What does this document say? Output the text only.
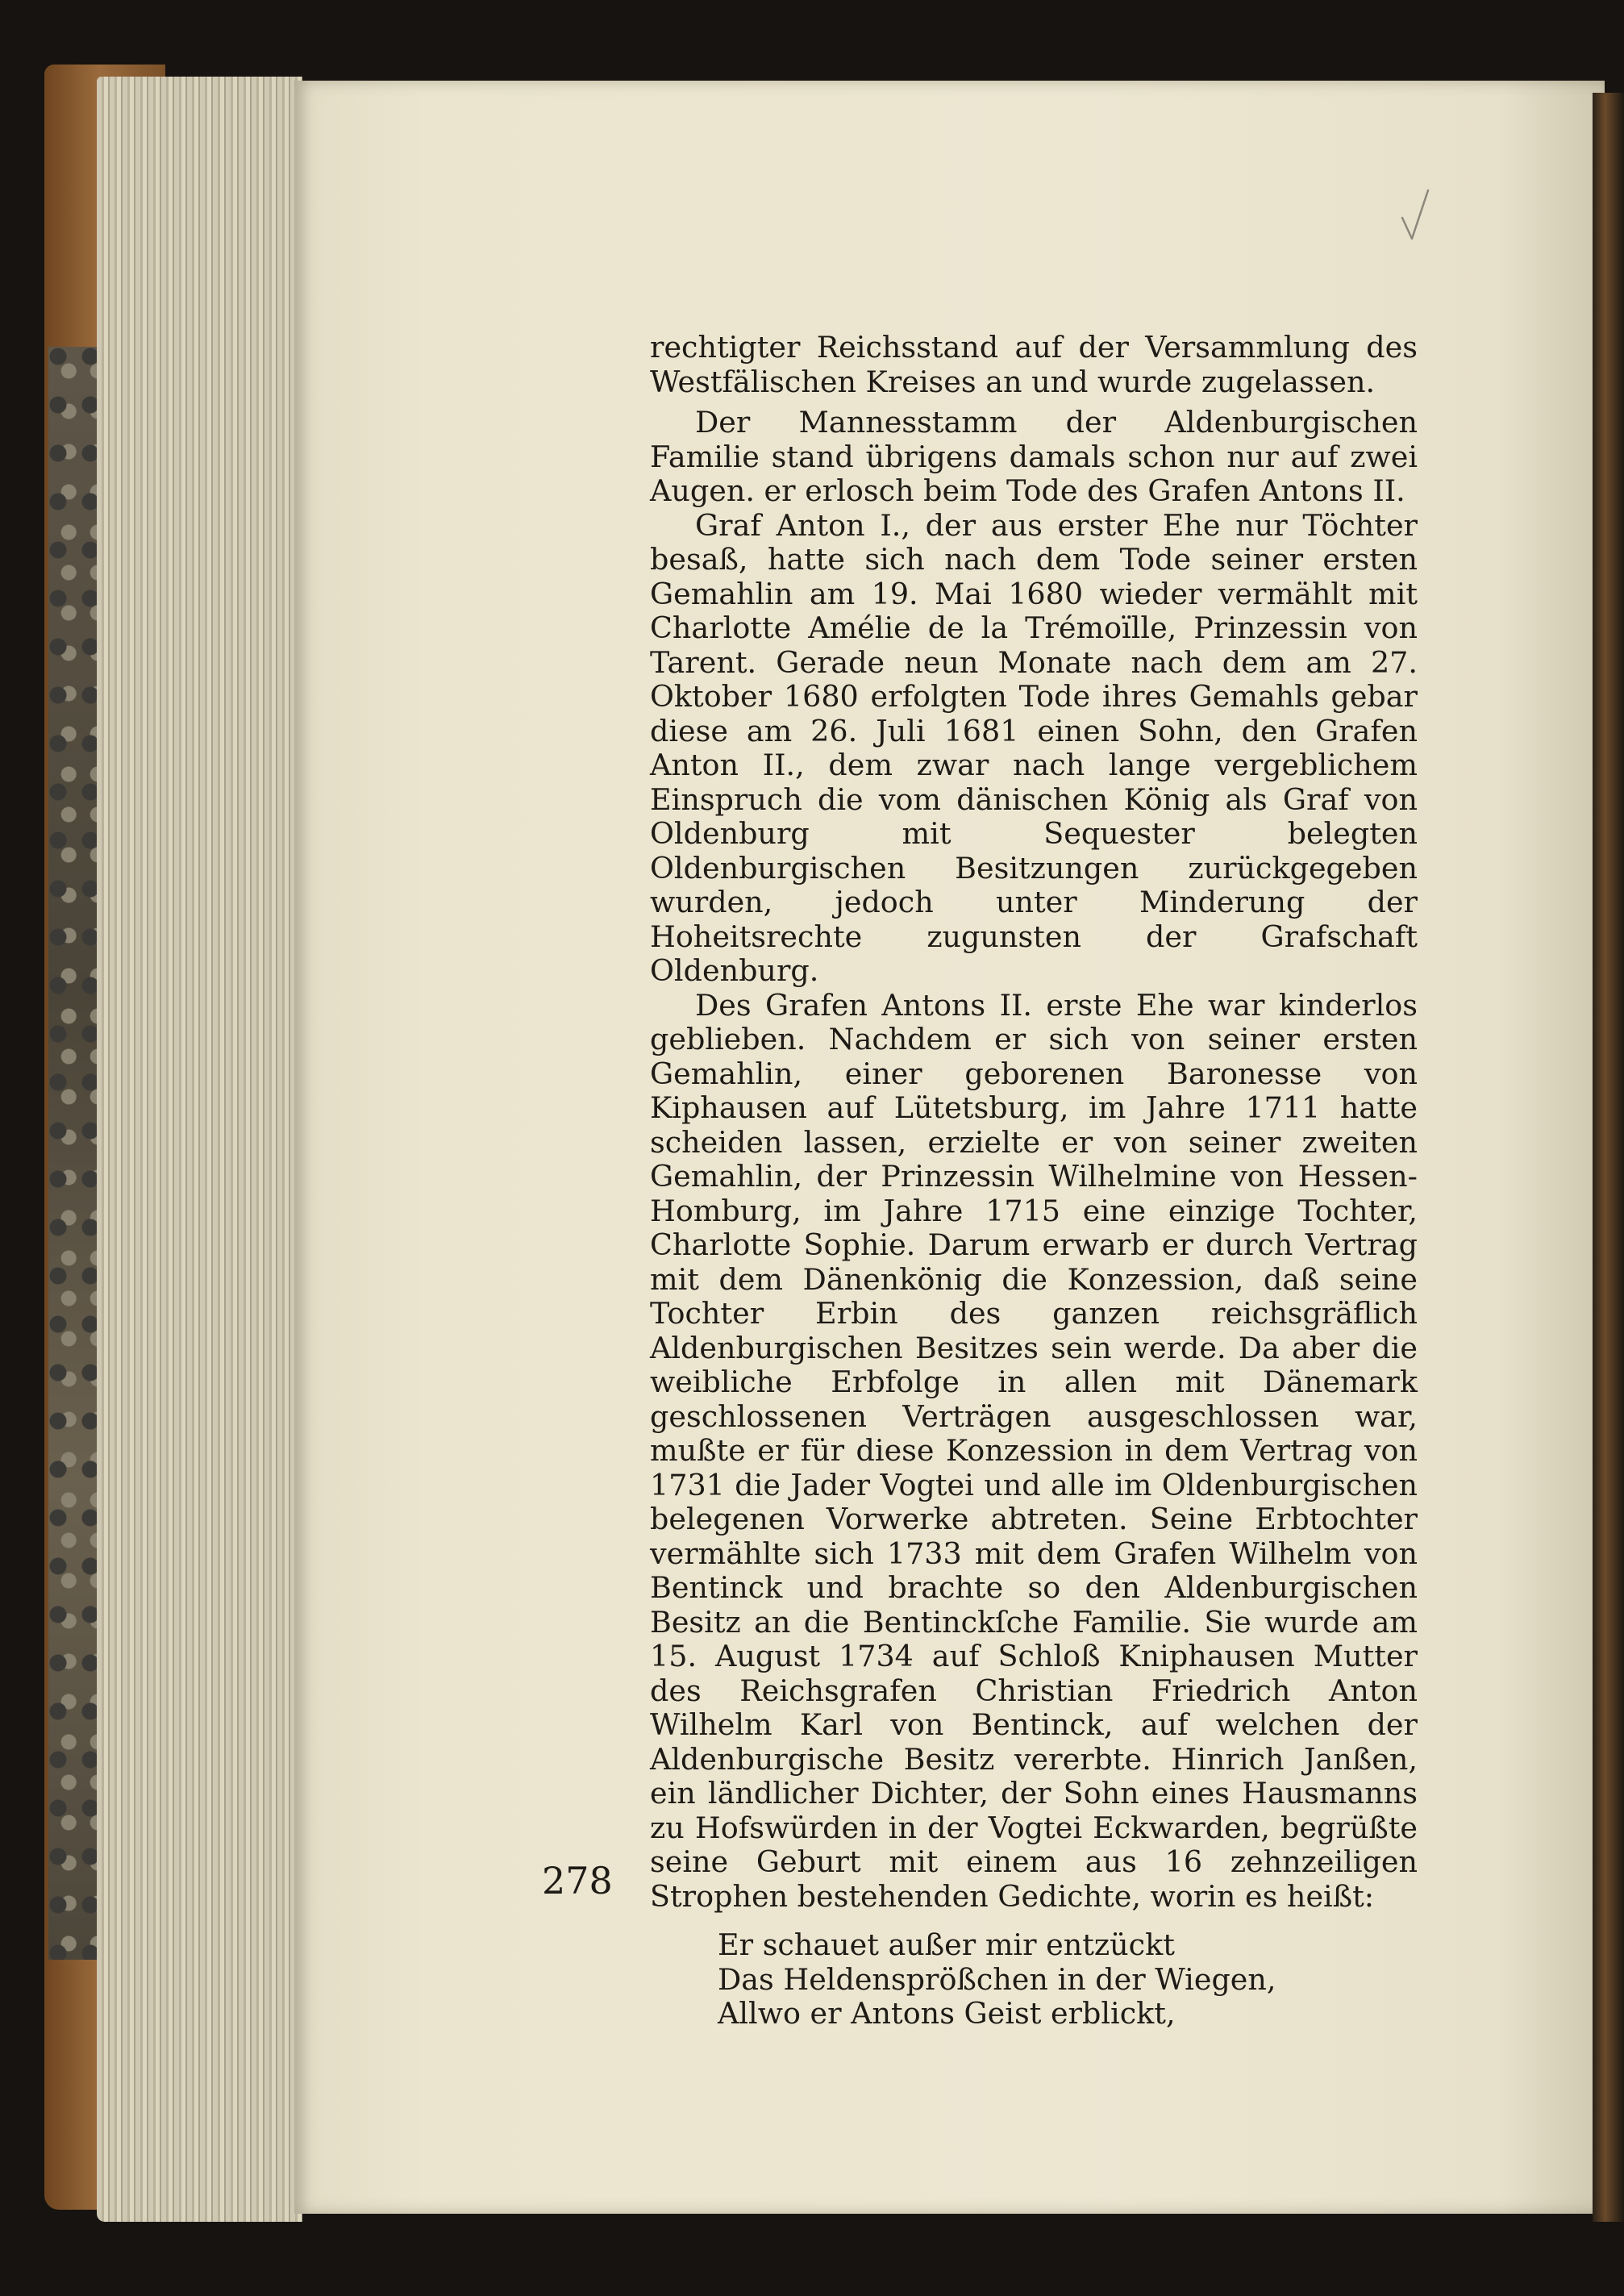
rechtigter Reichsstand auf der Versammlung des Westfälischen Kreises an und wurde zugelassen.

Der Mannesstamm der Aldenburgischen Familie stand übrigens damals schon nur auf zwei Augen. er erlosch beim Tode des Grafen Antons II.

Graf Anton I., der aus erster Ehe nur Töchter besaß, hatte sich nach dem Tode seiner ersten Gemahlin am 19. Mai 1680 wieder vermählt mit Charlotte Amélie de la Trémoïlle, Prinzessin von Tarent. Gerade neun Monate nach dem am 27. Oktober 1680 erfolgten Tode ihres Gemahls gebar diese am 26. Juli 1681 einen Sohn, den Grafen Anton II., dem zwar nach lange vergeblichem Einspruch die vom dänischen König als Graf von Oldenburg mit Sequester belegten Oldenburgischen Besitzungen zurückgegeben wurden, jedoch unter Minderung der Hoheitsrechte zugunsten der Grafschaft Oldenburg.

Des Grafen Antons II. erste Ehe war kinderlos geblieben. Nachdem er sich von seiner ersten Gemahlin, einer geborenen Baronesse von Kiphausen auf Lütetsburg, im Jahre 1711 hatte scheiden lassen, erzielte er von seiner zweiten Gemahlin, der Prinzessin Wilhelmine von Hessen-Homburg, im Jahre 1715 eine einzige Tochter, Charlotte Sophie. Darum erwarb er durch Vertrag mit dem Dänenkönig die Konzession, daß seine Tochter Erbin des ganzen reichsgräflich Aldenburgischen Besitzes sein werde. Da aber die weibliche Erbfolge in allen mit Dänemark geschlossenen Verträgen ausgeschlossen war, mußte er für diese Konzession in dem Vertrag von 1731 die Jader Vogtei und alle im Oldenburgischen belegenen Vorwerke abtreten. Seine Erbtochter vermählte sich 1733 mit dem Grafen Wilhelm von Bentinck und brachte so den Aldenburgischen Besitz an die Bentinckſche Familie. Sie wurde am 15. August 1734 auf Schloß Kniphausen Mutter des Reichsgrafen Christian Friedrich Anton Wilhelm Karl von Bentinck, auf welchen der Aldenburgische Besitz vererbte. Hinrich Janßen, ein ländlicher Dichter, der Sohn eines Hausmanns zu Hofswürden in der Vogtei Eckwarden, begrüßte seine Geburt mit einem aus 16 zehnzeiligen Strophen bestehenden Gedichte, worin es heißt:

Er schauet außer mir entzückt
Das Heldensprößchen in der Wiegen,
Allwo er Antons Geist erblickt,
278
